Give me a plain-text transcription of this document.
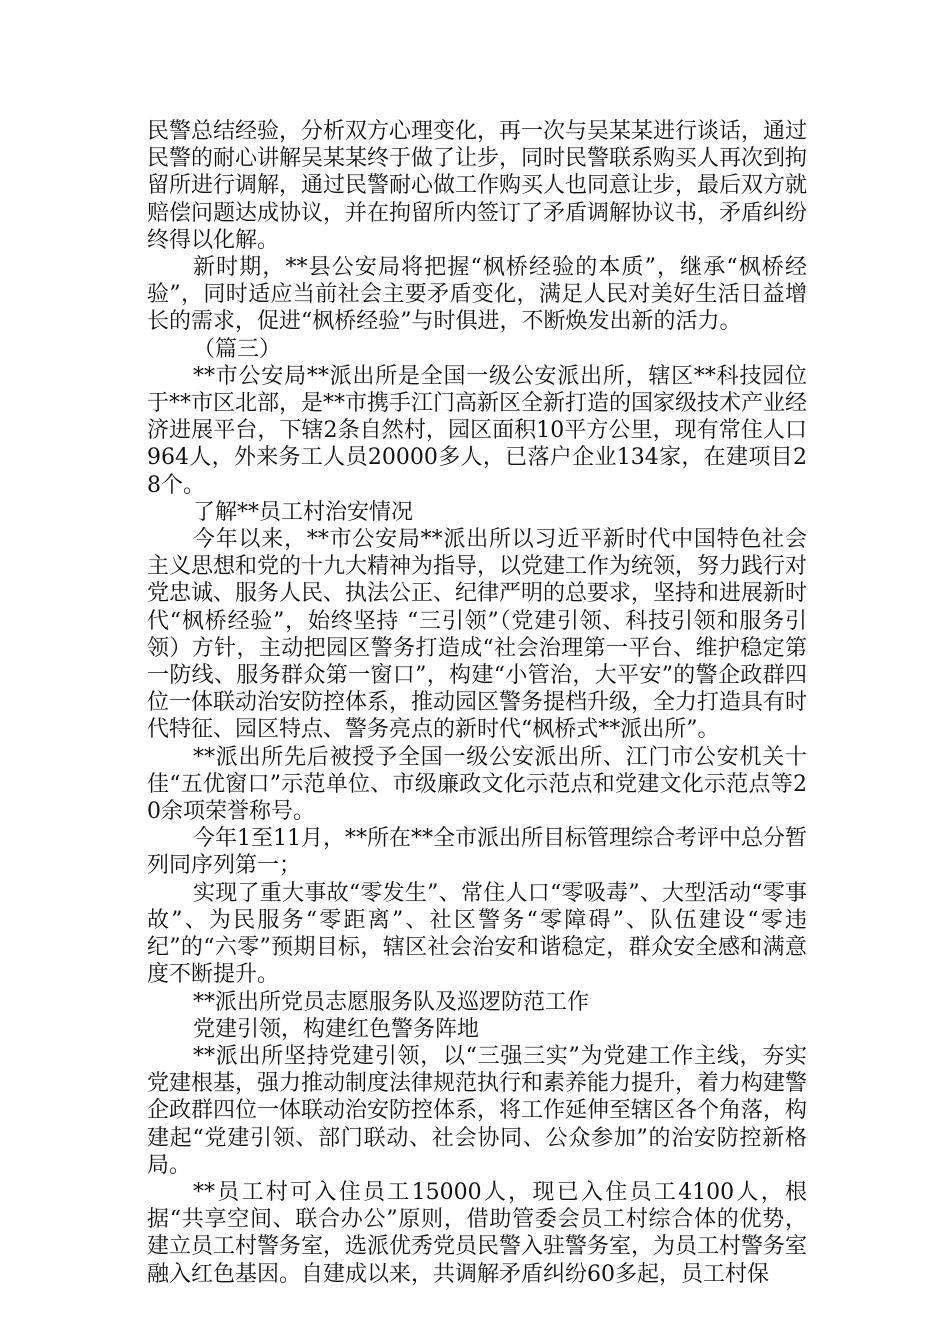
民警总结经验，分析双方心理变化，再一次与吴某某进行谈话，通过民警的耐心讲解吴某某终于做了让步，同时民警联系购买人再次到拘留所进行调解，通过民警耐心做工作购买人也同意让步，最后双方就赔偿问题达成协议，并在拘留所内签订了矛盾调解协议书，矛盾纠纷终得以化解。

新时期，**县公安局将把握“枫桥经验的本质”，继承“枫桥经验”，同时适应当前社会主要矛盾变化，满足人民对美好生活日益增长的需求，促进“枫桥经验”与时俱进，不断焕发出新的活力。

（篇三）

**市公安局**派出所是全国一级公安派出所，辖区**科技园位于**市区北部，是**市携手江门高新区全新打造的国家级技术产业经济进展平台，下辖2条自然村，园区面积10平方公里，现有常住人口964人，外来务工人员20000多人，已落户企业134家，在建项目28个。

了解**员工村治安情况

今年以来，**市公安局**派出所以习近平新时代中国特色社会主义思想和党的十九大精神为指导，以党建工作为统领，努力践行对党忠诚、服务人民、执法公正、纪律严明的总要求，坚持和进展新时代“枫桥经验”，始终坚持 “三引领”（党建引领、科技引领和服务引领）方针，主动把园区警务打造成“社会治理第一平台、维护稳定第一防线、服务群众第一窗口”，构建“小管治，大平安”的警企政群四位一体联动治安防控体系，推动园区警务提档升级，全力打造具有时代特征、园区特点、警务亮点的新时代“枫桥式**派出所”。

**派出所先后被授予全国一级公安派出所、江门市公安机关十佳“五优窗口”示范单位、市级廉政文化示范点和党建文化示范点等20余项荣誉称号。

今年1至11月，**所在**全市派出所目标管理综合考评中总分暂列同序列第一；

实现了重大事故“零发生”、常住人口“零吸毒”、大型活动“零事故”、为民服务“零距离”、社区警务“零障碍”、队伍建设“零违纪”的“六零”预期目标，辖区社会治安和谐稳定，群众安全感和满意度不断提升。

**派出所党员志愿服务队及巡逻防范工作

党建引领，构建红色警务阵地

**派出所坚持党建引领，以“三强三实”为党建工作主线，夯实党建根基，强力推动制度法律规范执行和素养能力提升，着力构建警企政群四位一体联动治安防控体系，将工作延伸至辖区各个角落，构建起“党建引领、部门联动、社会协同、公众参加”的治安防控新格局。

**员工村可入住员工15000人，现已入住员工4100人，根据“共享空间、联合办公”原则，借助管委会员工村综合体的优势，建立员工村警务室，选派优秀党员民警入驻警务室，为员工村警务室融入红色基因。自建成以来，共调解矛盾纠纷60多起，员工村保
